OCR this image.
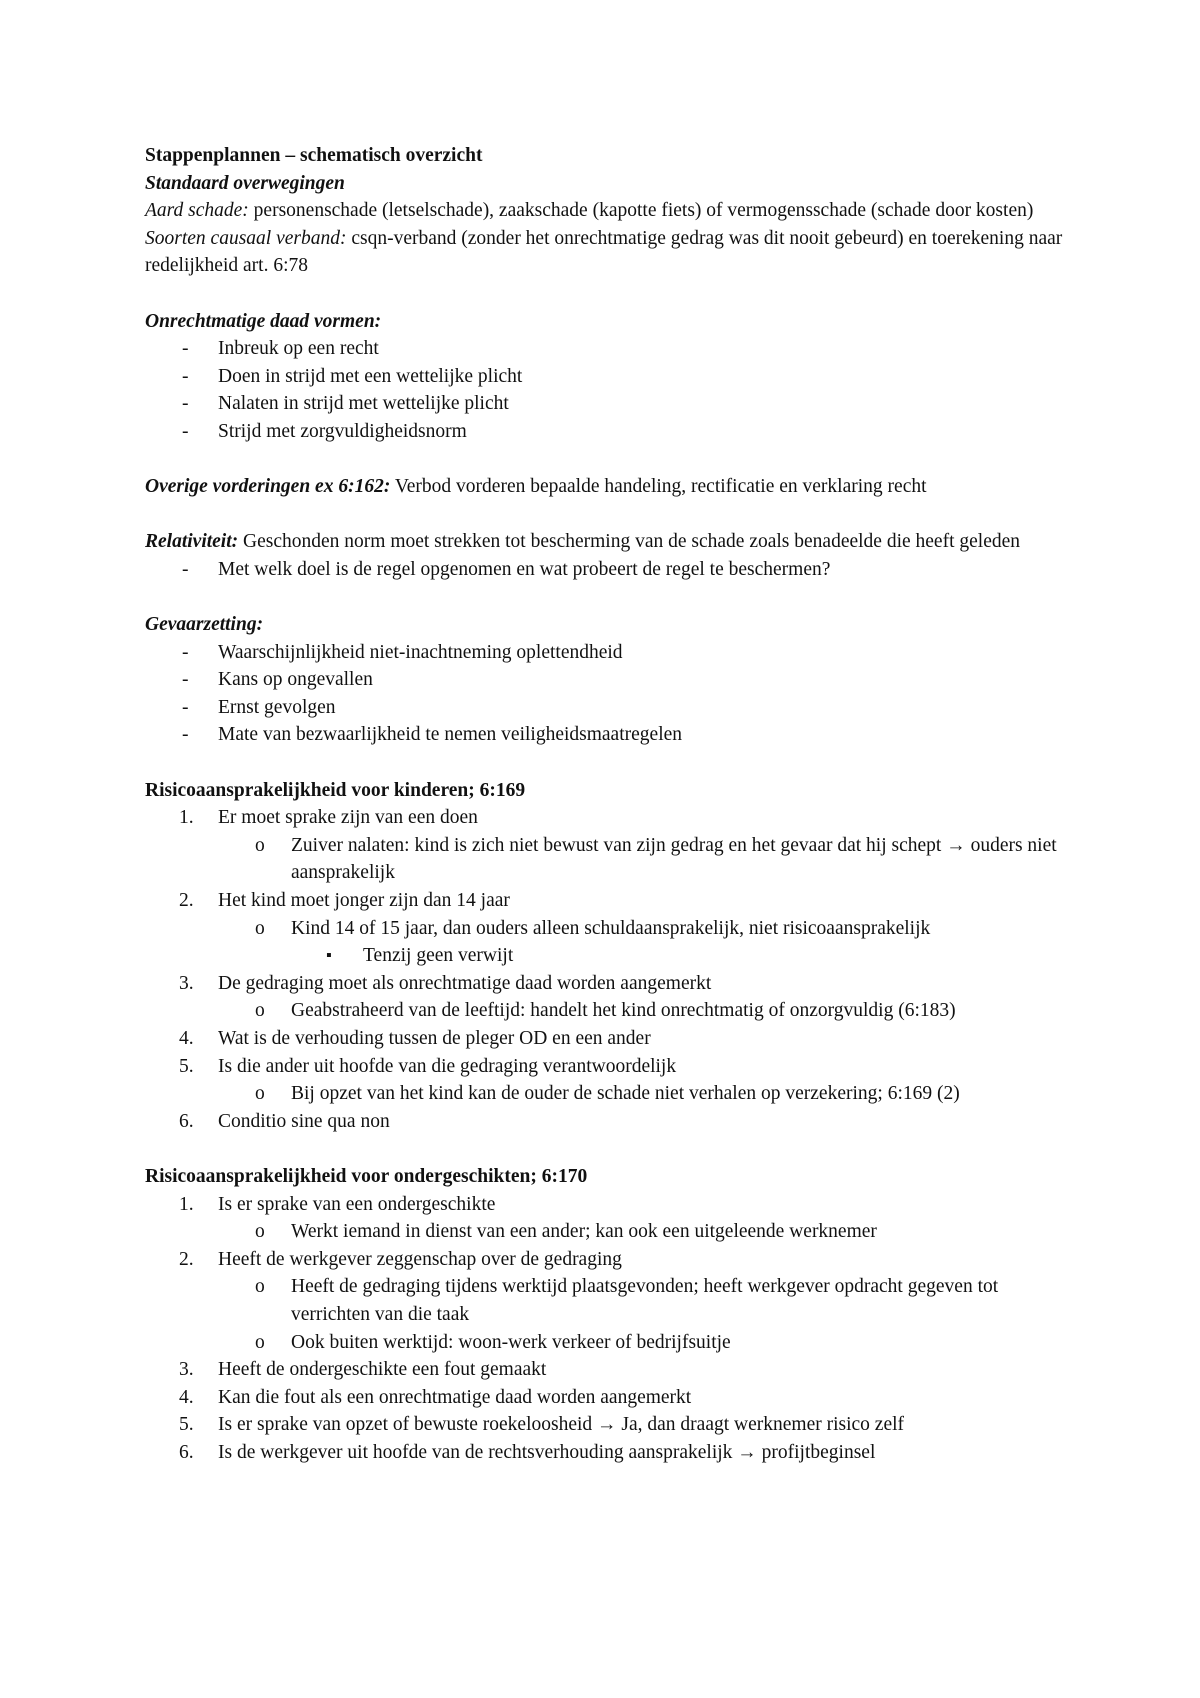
Stappenplannen – schematisch overzicht

Standaard overwegingen

Aard schade: personenschade (letselschade), zaakschade (kapotte fiets) of vermogensschade (schade door kosten)

Soorten causaal verband: csqn-verband (zonder het onrechtmatige gedrag was dit nooit gebeurd) en toerekening naar redelijkheid art. 6:78

Onrechtmatige daad vormen:

- Inbreuk op een recht
- Doen in strijd met een wettelijke plicht
- Nalaten in strijd met wettelijke plicht
- Strijd met zorgvuldigheidsnorm

Overige vorderingen ex 6:162: Verbod vorderen bepaalde handeling, rectificatie en verklaring recht

Relativiteit: Geschonden norm moet strekken tot bescherming van de schade zoals benadeelde die heeft geleden

- Met welk doel is de regel opgenomen en wat probeert de regel te beschermen?

Gevaarzetting:

- Waarschijnlijkheid niet-inachtneming oplettendheid
- Kans op ongevallen
- Ernst gevolgen
- Mate van bezwaarlijkheid te nemen veiligheidsmaatregelen

Risicoaansprakelijkheid voor kinderen; 6:169

1. Er moet sprake zijn van een doen
o Zuiver nalaten: kind is zich niet bewust van zijn gedrag en het gevaar dat hij schept → ouders niet aansprakelijk
2. Het kind moet jonger zijn dan 14 jaar
o Kind 14 of 15 jaar, dan ouders alleen schuldaansprakelijk, niet risicoaansprakelijk
▪ Tenzij geen verwijt
3. De gedraging moet als onrechtmatige daad worden aangemerkt
o Geabstraheerd van de leeftijd: handelt het kind onrechtmatig of onzorgvuldig (6:183)
4. Wat is de verhouding tussen de pleger OD en een ander
5. Is die ander uit hoofde van die gedraging verantwoordelijk
o Bij opzet van het kind kan de ouder de schade niet verhalen op verzekering; 6:169 (2)
6. Conditio sine qua non

Risicoaansprakelijkheid voor ondergeschikten; 6:170

1. Is er sprake van een ondergeschikte
o Werkt iemand in dienst van een ander; kan ook een uitgeleende werknemer
2. Heeft de werkgever zeggenschap over de gedraging
o Heeft de gedraging tijdens werktijd plaatsgevonden; heeft werkgever opdracht gegeven tot verrichten van die taak
o Ook buiten werktijd: woon-werk verkeer of bedrijfsuitje
3. Heeft de ondergeschikte een fout gemaakt
4. Kan die fout als een onrechtmatige daad worden aangemerkt
5. Is er sprake van opzet of bewuste roekeloosheid → Ja, dan draagt werknemer risico zelf
6. Is de werkgever uit hoofde van de rechtsverhouding aansprakelijk → profijtbeginsel
